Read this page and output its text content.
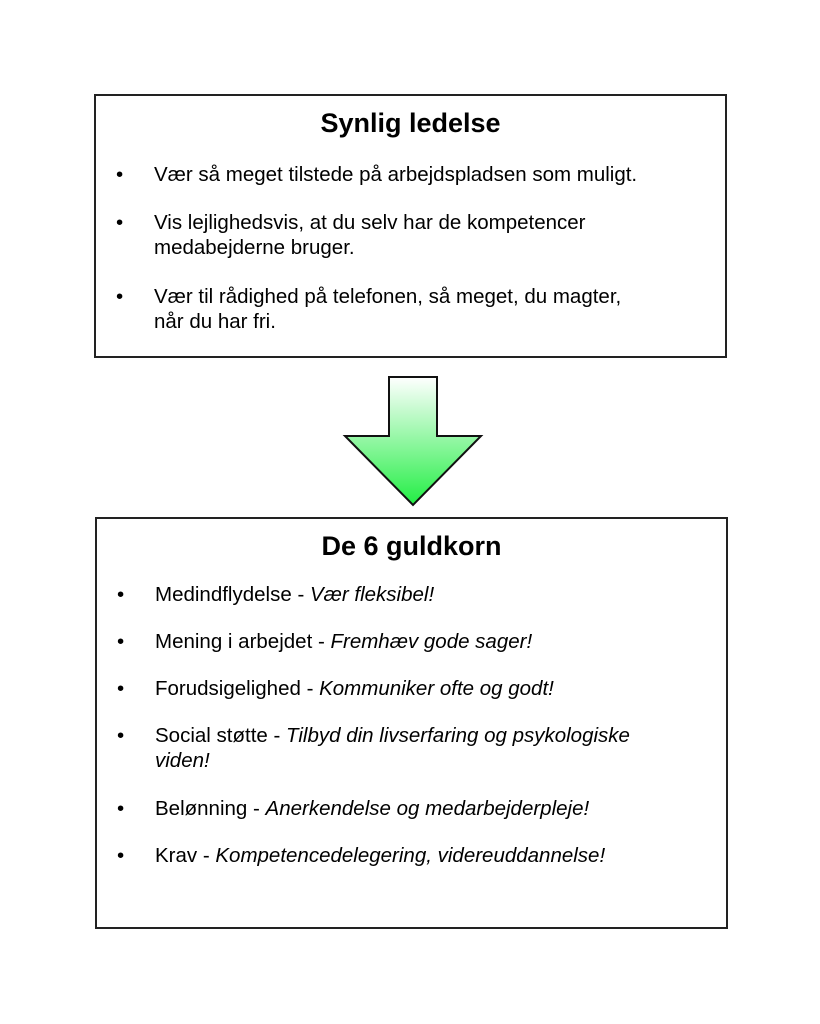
Synlig ledelse
• Vær så meget tilstede på arbejdspladsen som muligt.
• Vis lejlighedsvis, at du selv har de kompetencer
medabejderne bruger.
• Vær til rådighed på telefonen, så meget, du magter,
når du har fri.
De 6 guldkorn
• Medindflydelse - Vær fleksibel!
• Mening i arbejdet - Fremhæv gode sager!
• Forudsigelighed - Kommuniker ofte og godt!
• Social støtte - Tilbyd din livserfaring og psykologiske
viden!
• Belønning - Anerkendelse og medarbejderpleje!
• Krav - Kompetencedelegering, videreuddannelse!
